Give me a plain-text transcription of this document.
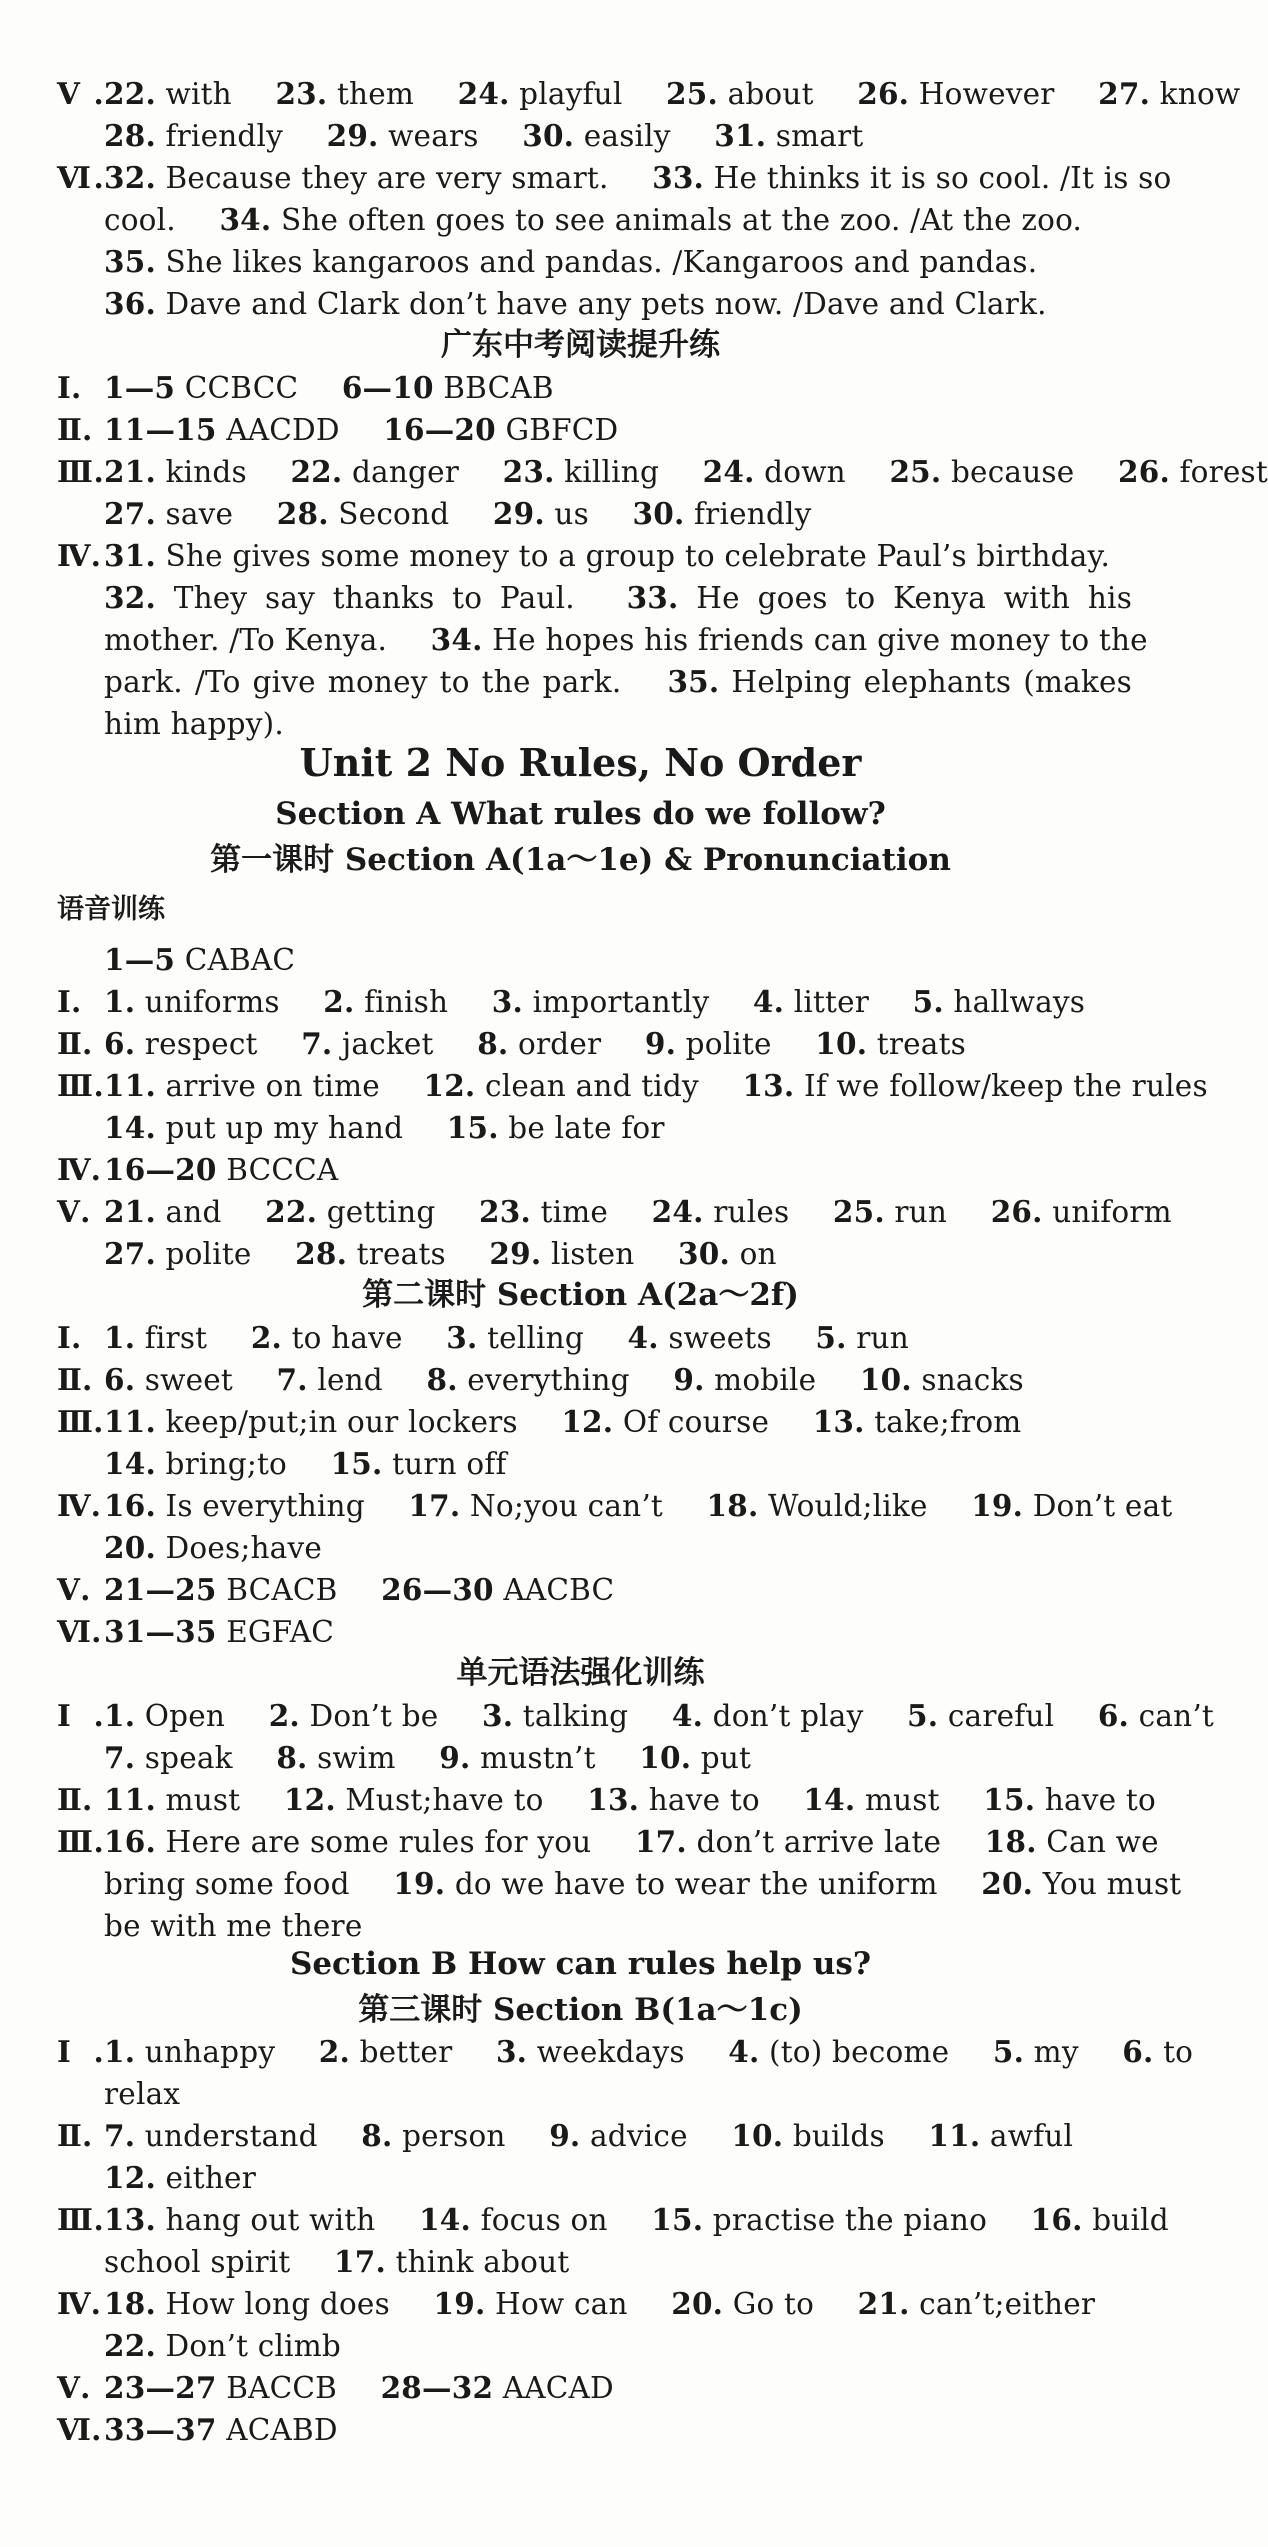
广东中考阅读提升练
Unit 2 No Rules, No Order
Section A What rules do we follow?
第一课时 Section A(1a～1e) & Pronunciation
语音训练
第二课时 Section A(2a～2f)
单元语法强化训练
Section B How can rules help us?
第三课时 Section B(1a～1c)
Ⅴ.22. with 23. them 24. playful 25. about 26. However 27. know
28. friendly 29. wears 30. easily 31. smart
Ⅵ.32. Because they are very smart. 33. He thinks it is so cool. /It is so
cool. 34. She often goes to see animals at the zoo. /At the zoo.
35. She likes kangaroos and pandas. /Kangaroos and pandas.
36. Dave and Clark don’t have any pets now. /Dave and Clark.
Ⅰ. 1—5 CCBCC 6—10 BBCAB
Ⅱ. 11—15 AACDD 16—20 GBFCD
Ⅲ.21. kinds 22. danger 23. killing 24. down 25. because 26. forest
27. save 28. Second 29. us 30. friendly
Ⅳ.31. She gives some money to a group to celebrate Paul’s birthday.
32. They say thanks to Paul. 33. He goes to Kenya with his
mother. /To Kenya. 34. He hopes his friends can give money to the
park. /To give money to the park. 35. Helping elephants (makes
him happy).
1—5 CABAC
Ⅰ. 1. uniforms 2. finish 3. importantly 4. litter 5. hallways
Ⅱ. 6. respect 7. jacket 8. order 9. polite 10. treats
Ⅲ.11. arrive on time 12. clean and tidy 13. If we follow/keep the rules
14. put up my hand 15. be late for
Ⅳ.16—20 BCCCA
Ⅴ. 21. and 22. getting 23. time 24. rules 25. run 26. uniform
27. polite 28. treats 29. listen 30. on
Ⅰ. 1. first 2. to have 3. telling 4. sweets 5. run
Ⅱ. 6. sweet 7. lend 8. everything 9. mobile 10. snacks
Ⅲ.11. keep/put;in our lockers 12. Of course 13. take;from
14. bring;to 15. turn off
Ⅳ.16. Is everything 17. No;you can’t 18. Would;like 19. Don’t eat
20. Does;have
Ⅴ. 21—25 BCACB 26—30 AACBC
Ⅵ.31—35 EGFAC
Ⅰ.1. Open 2. Don’t be 3. talking 4. don’t play 5. careful 6. can’t
7. speak 8. swim 9. mustn’t 10. put
Ⅱ. 11. must 12. Must;have to 13. have to 14. must 15. have to
Ⅲ.16. Here are some rules for you 17. don’t arrive late 18. Can we
bring some food 19. do we have to wear the uniform 20. You must
be with me there
Ⅰ.1. unhappy 2. better 3. weekdays 4. (to) become 5. my 6. to
relax
Ⅱ. 7. understand 8. person 9. advice 10. builds 11. awful
12. either
Ⅲ.13. hang out with 14. focus on 15. practise the piano 16. build
school spirit 17. think about
Ⅳ.18. How long does 19. How can 20. Go to 21. can’t;either
22. Don’t climb
Ⅴ. 23—27 BACCB 28—32 AACAD
Ⅵ.33—37 ACABD
